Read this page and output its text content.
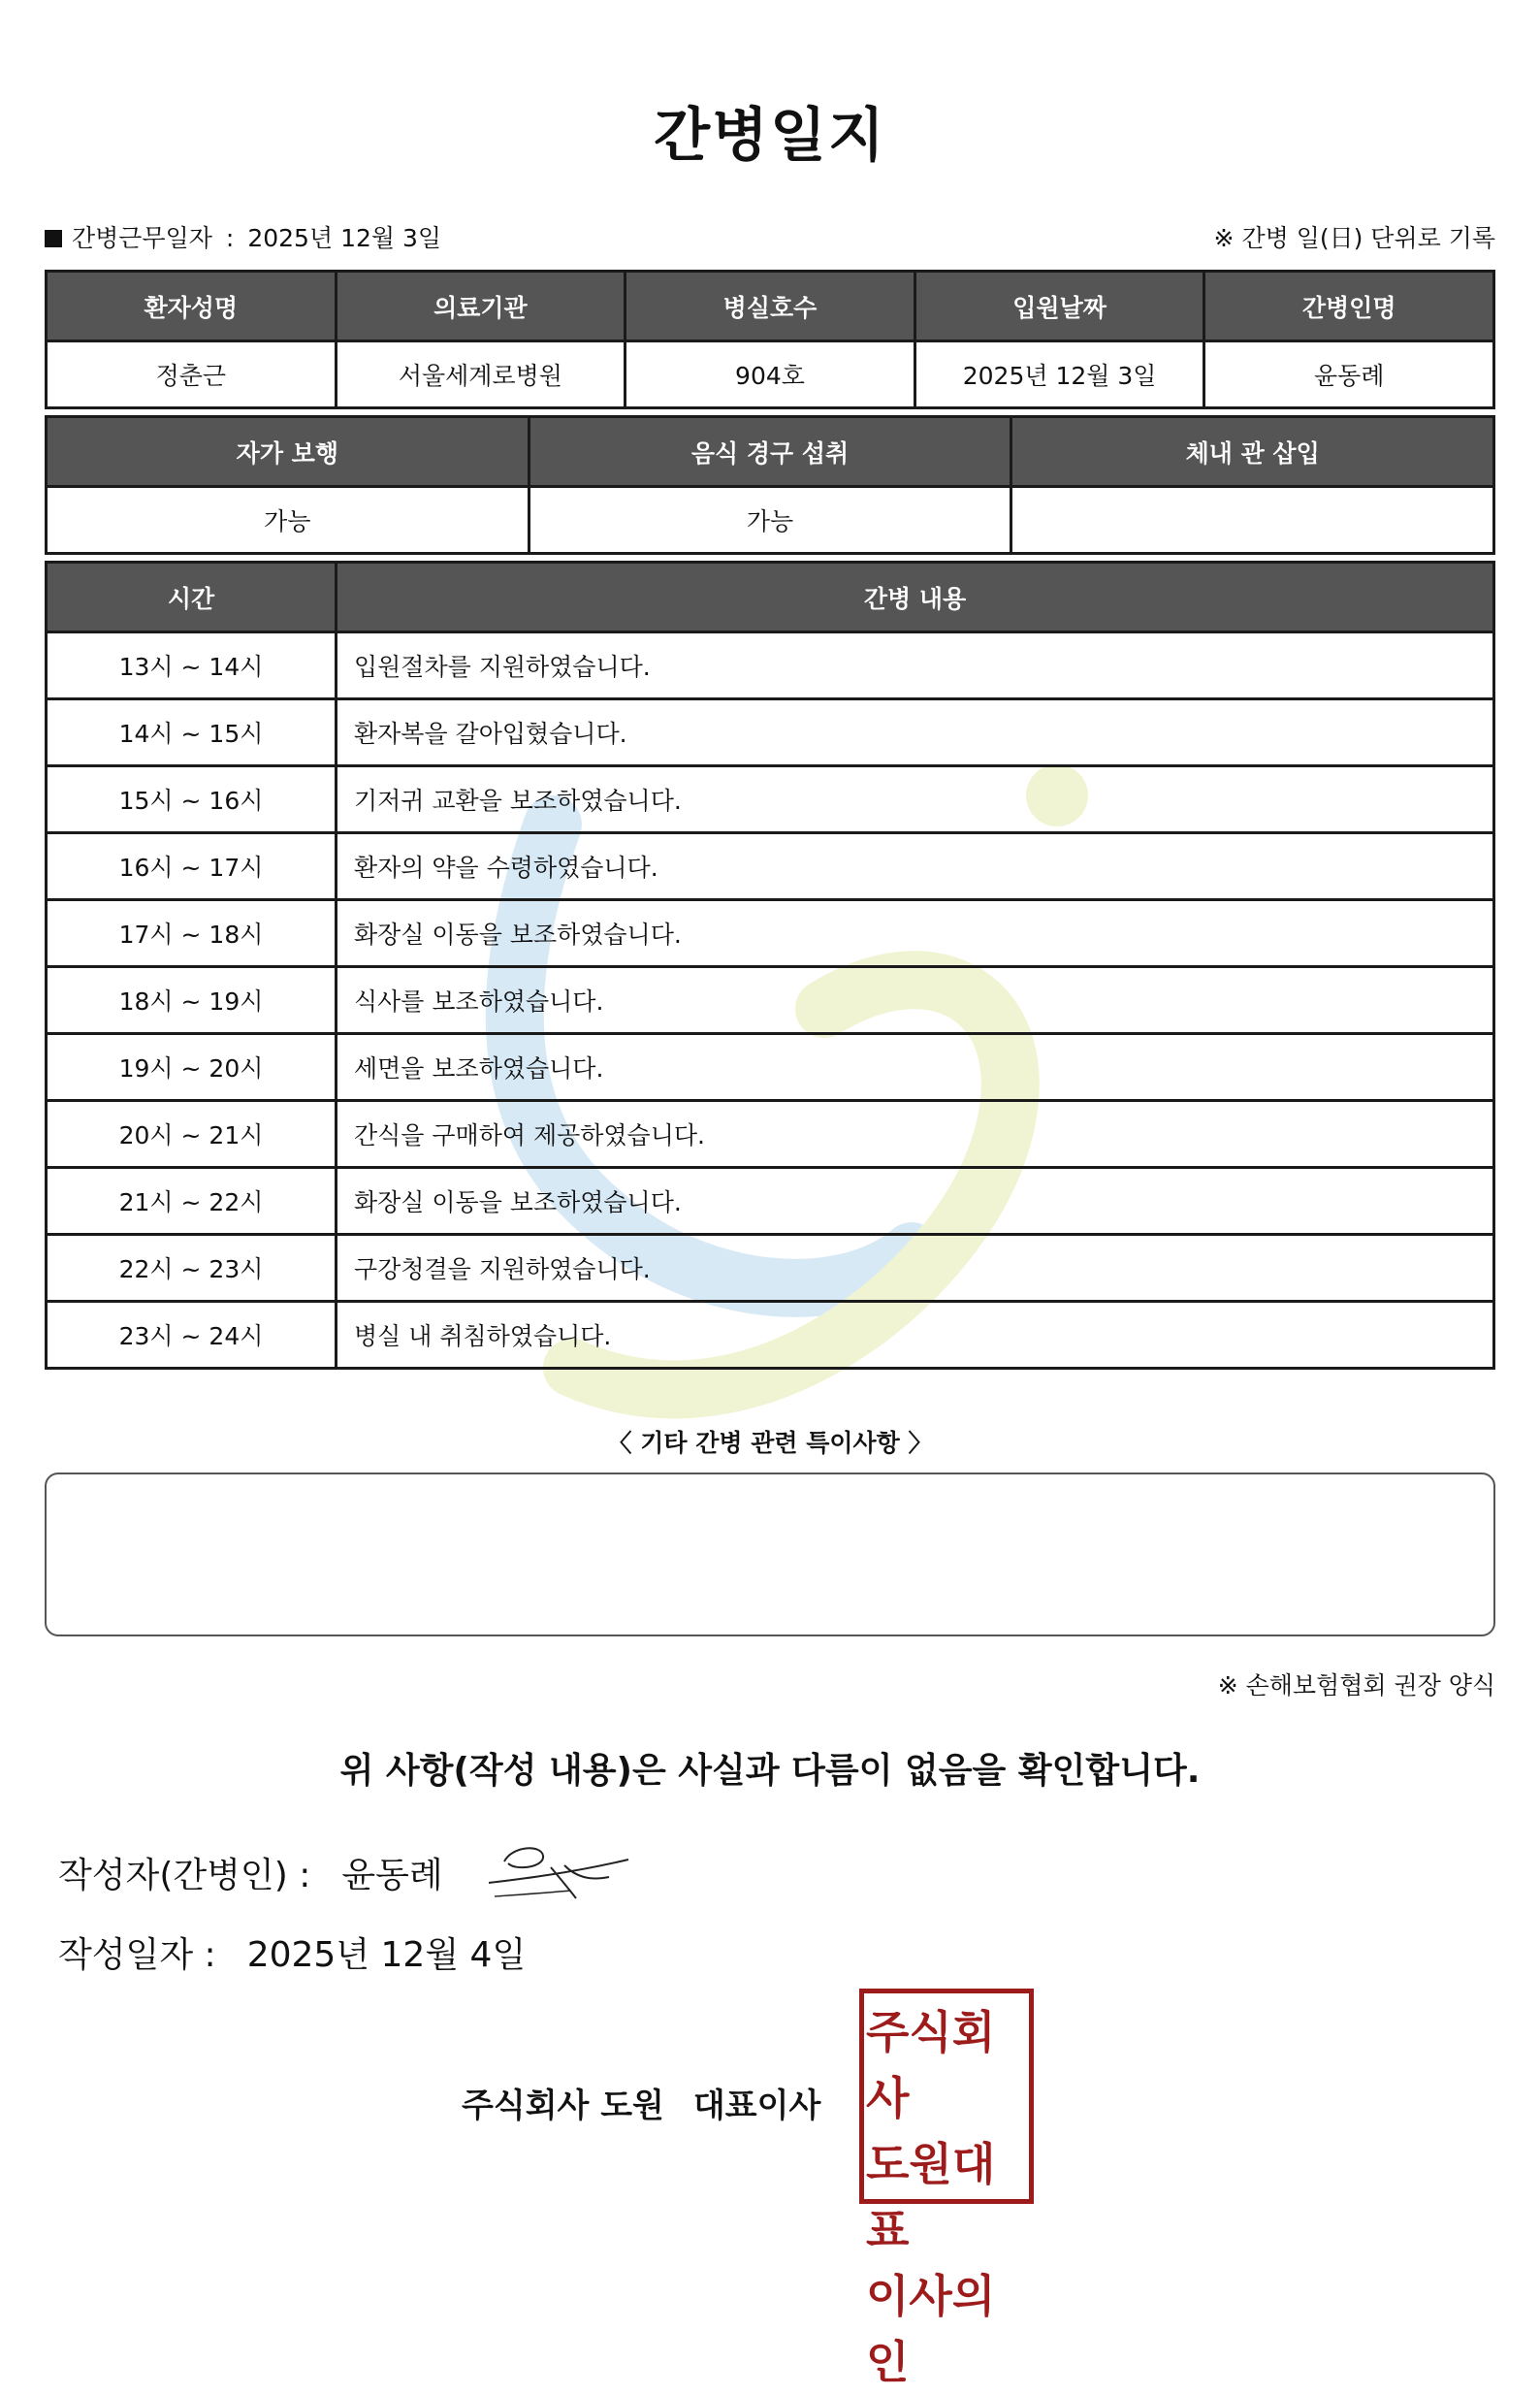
간병일지
간병근무일자 : 2025년 12월 3일	※ 간병 일(日) 단위로 기록
환자성명	의료기관	병실호수	입원날짜	간병인명
정춘근	서울세계로병원	904호	2025년 12월 3일	윤동례
자가 보행	음식 경구 섭취	체내 관 삽입
가능	가능	
시간	간병 내용
13시 ~ 14시	입원절차를 지원하였습니다.
14시 ~ 15시	환자복을 갈아입혔습니다.
15시 ~ 16시	기저귀 교환을 보조하였습니다.
16시 ~ 17시	환자의 약을 수령하였습니다.
17시 ~ 18시	화장실 이동을 보조하였습니다.
18시 ~ 19시	식사를 보조하였습니다.
19시 ~ 20시	세면을 보조하였습니다.
20시 ~ 21시	간식을 구매하여 제공하였습니다.
21시 ~ 22시	화장실 이동을 보조하였습니다.
22시 ~ 23시	구강청결을 지원하였습니다.
23시 ~ 24시	병실 내 취침하였습니다.
〈 기타 간병 관련 특이사항 〉
※ 손해보험협회 권장 양식
위 사항(작성 내용)은 사실과 다름이 없음을 확인합니다.
작성자(간병인) : 윤동례
작성일자 : 2025년 12월 4일
주식회사 도원 대표이사
주식회사
도원대표
이사의인
